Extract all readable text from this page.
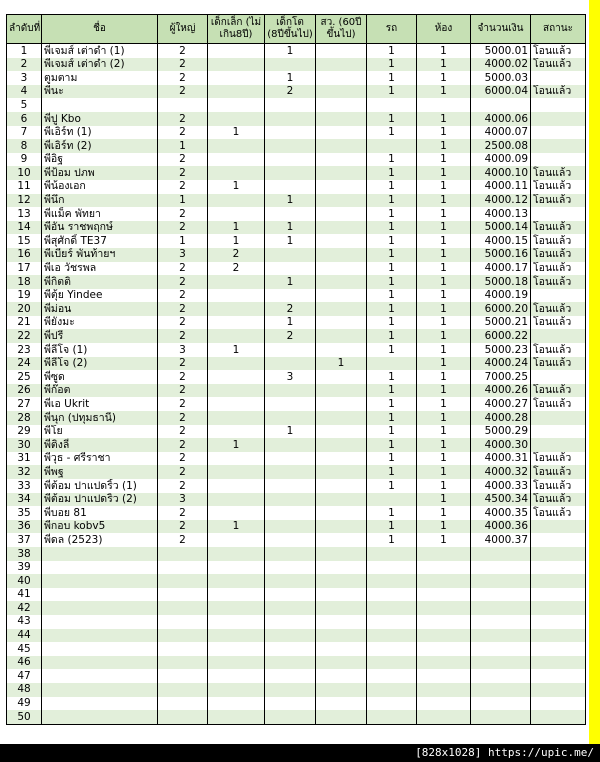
ลำดับที่	ชื่อ	ผู้ใหญ่	เด็กเล็ก (ไม่เกิน8ปี)	เด็กโต (8ปีขึ้นไป)	สว. (60ปี ขึ้นไป)	รถ	ห้อง	จำนวนเงิน	สถานะ
1	พี่เจมส์ เต่าดำ (1)	2		1		1	1	5000.01	โอนแล้ว
2	พี่เจมส์ เต่าดำ (2)	2				1	1	4000.02	โอนแล้ว
3	ตูมตาม	2		1		1	1	5000.03	
4	พี่นะ	2		2		1	1	6000.04	โอนแล้ว
5									
6	พี่ปู Kbo	2				1	1	4000.06	
7	พี่เอิร์ท (1)	2	1			1	1	4000.07	
8	พี่เอิร์ท (2)	1					1	2500.08	
9	พี่อิฐ	2				1	1	4000.09	
10	พี่ป้อม ปภพ	2				1	1	4000.10	โอนแล้ว
11	พี่น้องเอก	2	1			1	1	4000.11	โอนแล้ว
12	พี่นึก	1		1		1	1	4000.12	โอนแล้ว
13	พี่แม็ค พัทยา	2				1	1	4000.13	
14	พี่อั๋น ราชพฤกษ์	2	1	1		1	1	5000.14	โอนแล้ว
15	พี่สุศักดิ์ TE37	1	1	1		1	1	4000.15	โอนแล้ว
16	พี่เบียร์ พันท้ายฯ	3	2			1	1	5000.16	โอนแล้ว
17	พี่เอ วัชรพล	2	2			1	1	4000.17	โอนแล้ว
18	พี่กิตติ	2		1		1	1	5000.18	โอนแล้ว
19	พี่ตุ้ย Yindee	2				1	1	4000.19	
20	พี่ม่อน	2		2		1	1	6000.20	โอนแล้ว
21	พี่ยังมะ	2		1		1	1	5000.21	โอนแล้ว
22	พี่ปรี	2		2		1	1	6000.22	
23	พี่ลีโจ (1)	3	1			1	1	5000.23	โอนแล้ว
24	พี่ลีโจ (2)	2			1		1	4000.24	โอนแล้ว
25	พี่ซูด	2		3		1	1	7000.25	
26	พี่ก๊อต	2				1	1	4000.26	โอนแล้ว
27	พี่เอ Ukrit	2				1	1	4000.27	โอนแล้ว
28	พี่นุก (ปทุมธานี)	2				1	1	4000.28	
29	พี่โย	2		1		1	1	5000.29	
30	พี่ติงลี่	2	1			1	1	4000.30	
31	พี่วุธ - ศรีราชา	2				1	1	4000.31	โอนแล้ว
32	พี่พฐ	2				1	1	4000.32	โอนแล้ว
33	พี่ต้อม ปาแปดริ้ว (1)	2				1	1	4000.33	โอนแล้ว
34	พี่ต้อม ปาแปดริ้ว (2)	3					1	4500.34	โอนแล้ว
35	พี่บอย 81	2				1	1	4000.35	โอนแล้ว
36	พี่กอบ kobv5	2	1			1	1	4000.36	
37	พี่ดล (2523)	2				1	1	4000.37	
38									
39									
40									
41									
42									
43									
44									
45									
46									
47									
48									
49									
50									
[828x1028] https://upic.me/
